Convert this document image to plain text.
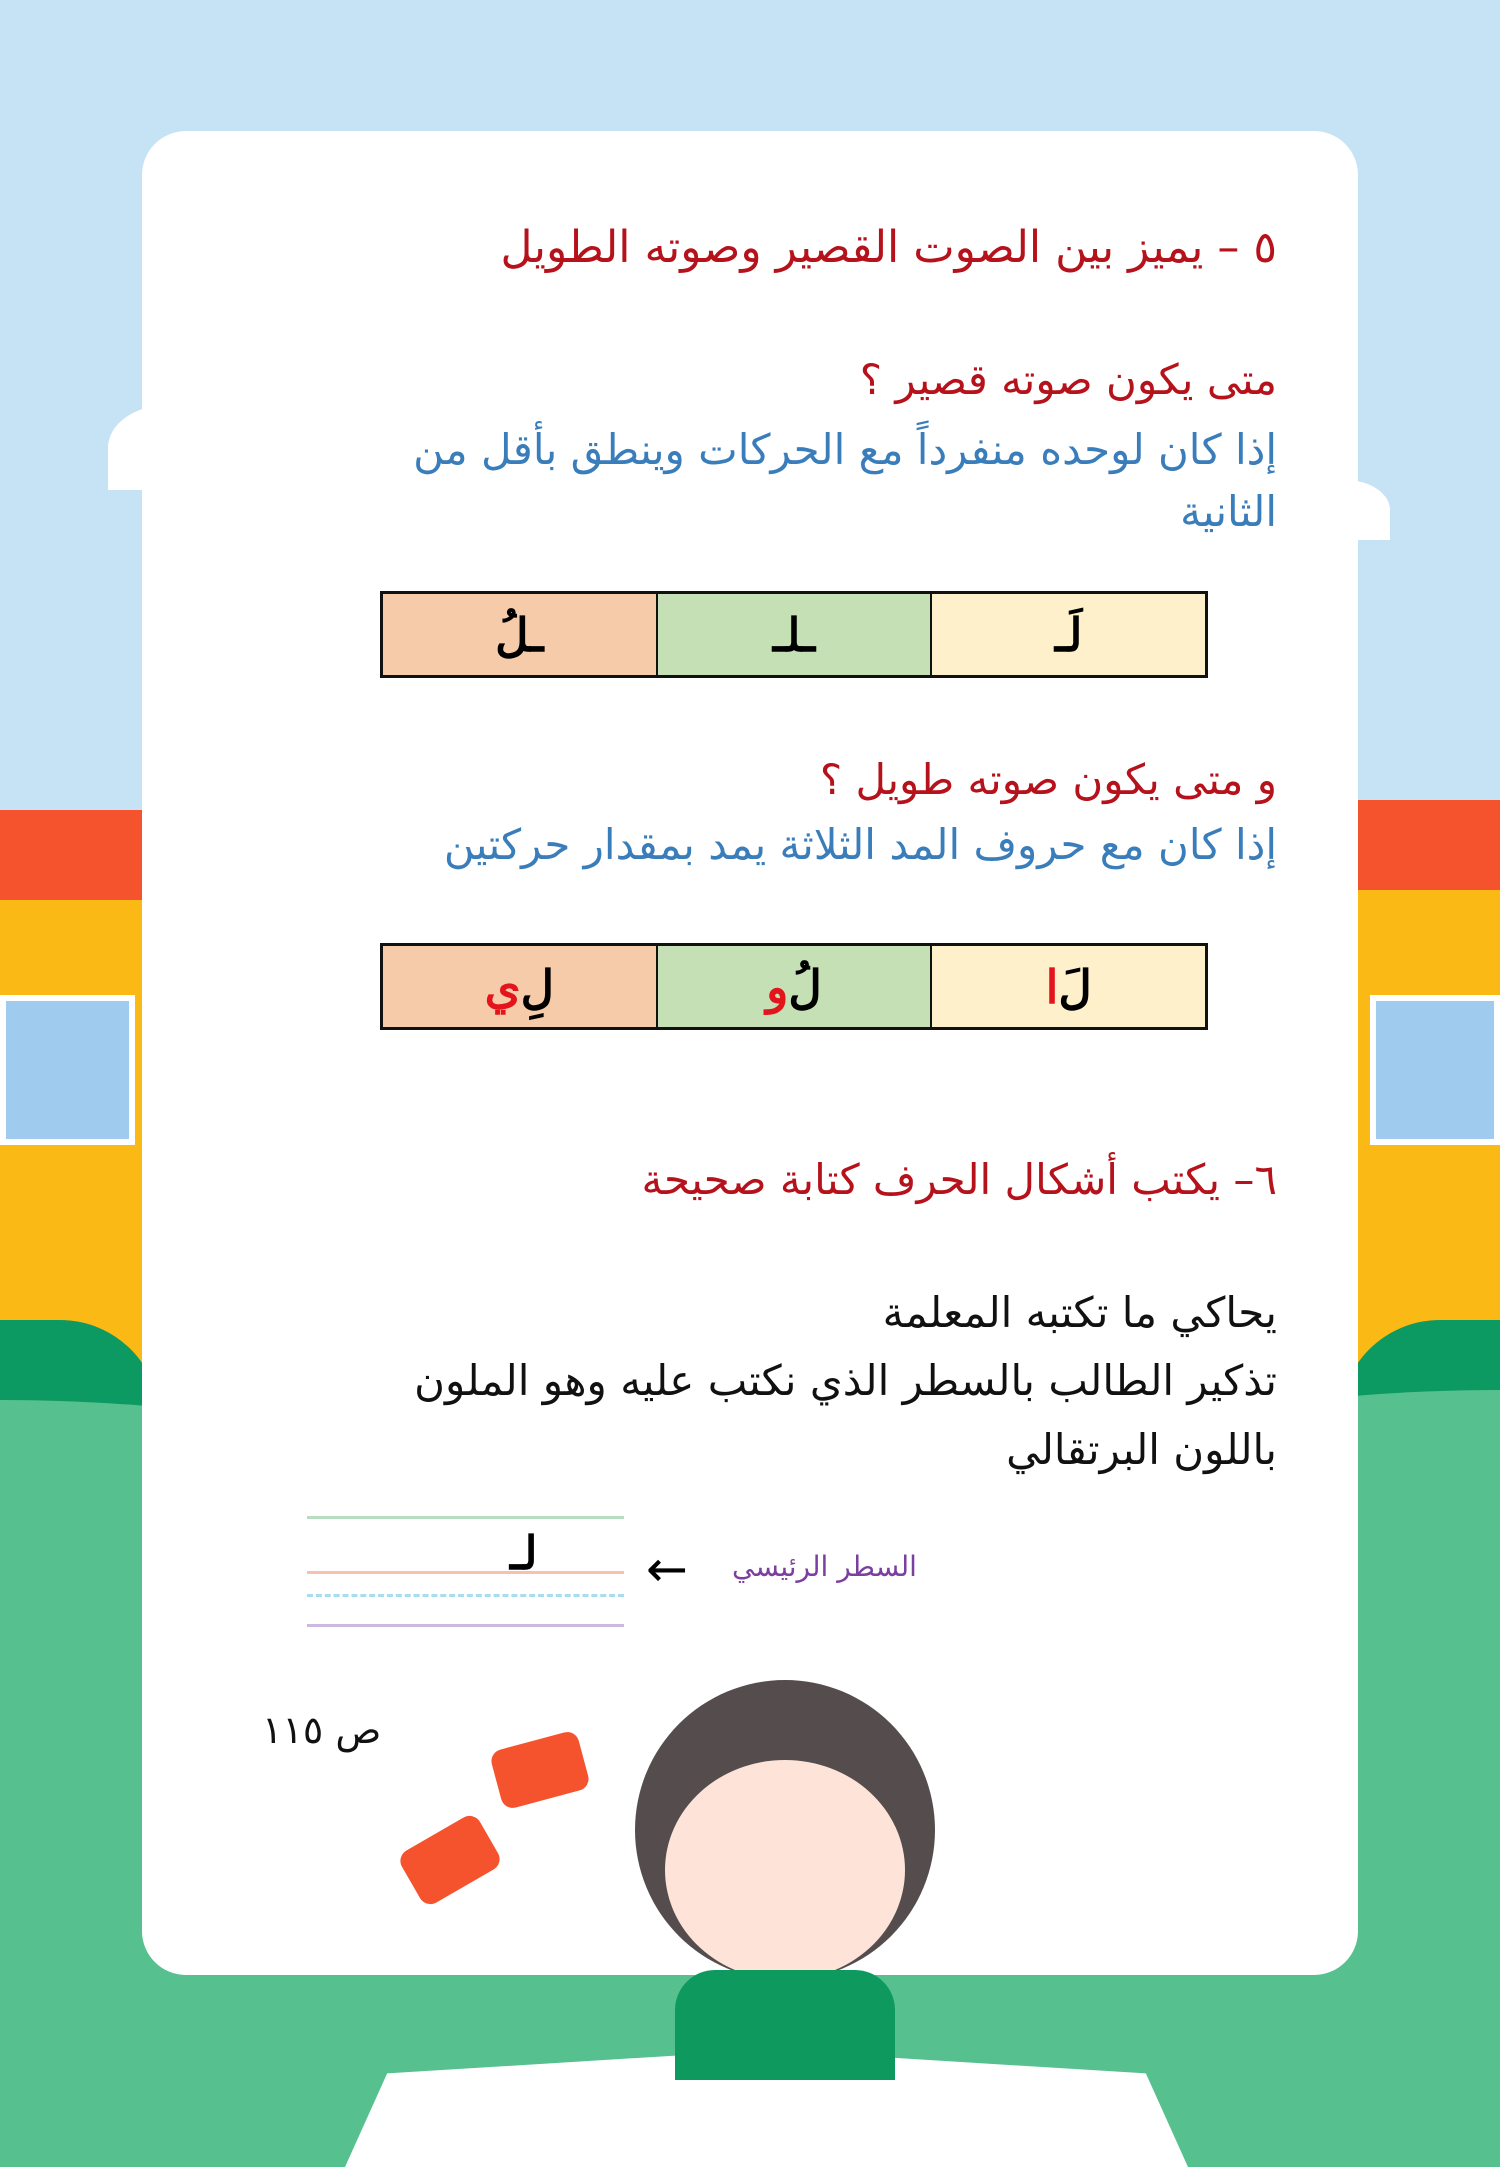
٥ – يميز بين الصوت القصير وصوته الطويل
متى يكون صوته قصير ؟
إذا كان لوحده منفرداً مع الحركات وينطق بأقل من
الثانية
لَـ
ـلـ
ـلُ
و متى يكون صوته طويل ؟
إذا كان مع حروف المد الثلاثة يمد بمقدار حركتين
لَ
ا
لُ
و
لِ
ي
٦– يكتب أشكال الحرف كتابة صحيحة
يحاكي ما تكتبه المعلمة
تذكير الطالب بالسطر الذي نكتب عليه وهو الملون
باللون البرتقالي
لـ ← السطر الرئيسي
ص ١١٥
